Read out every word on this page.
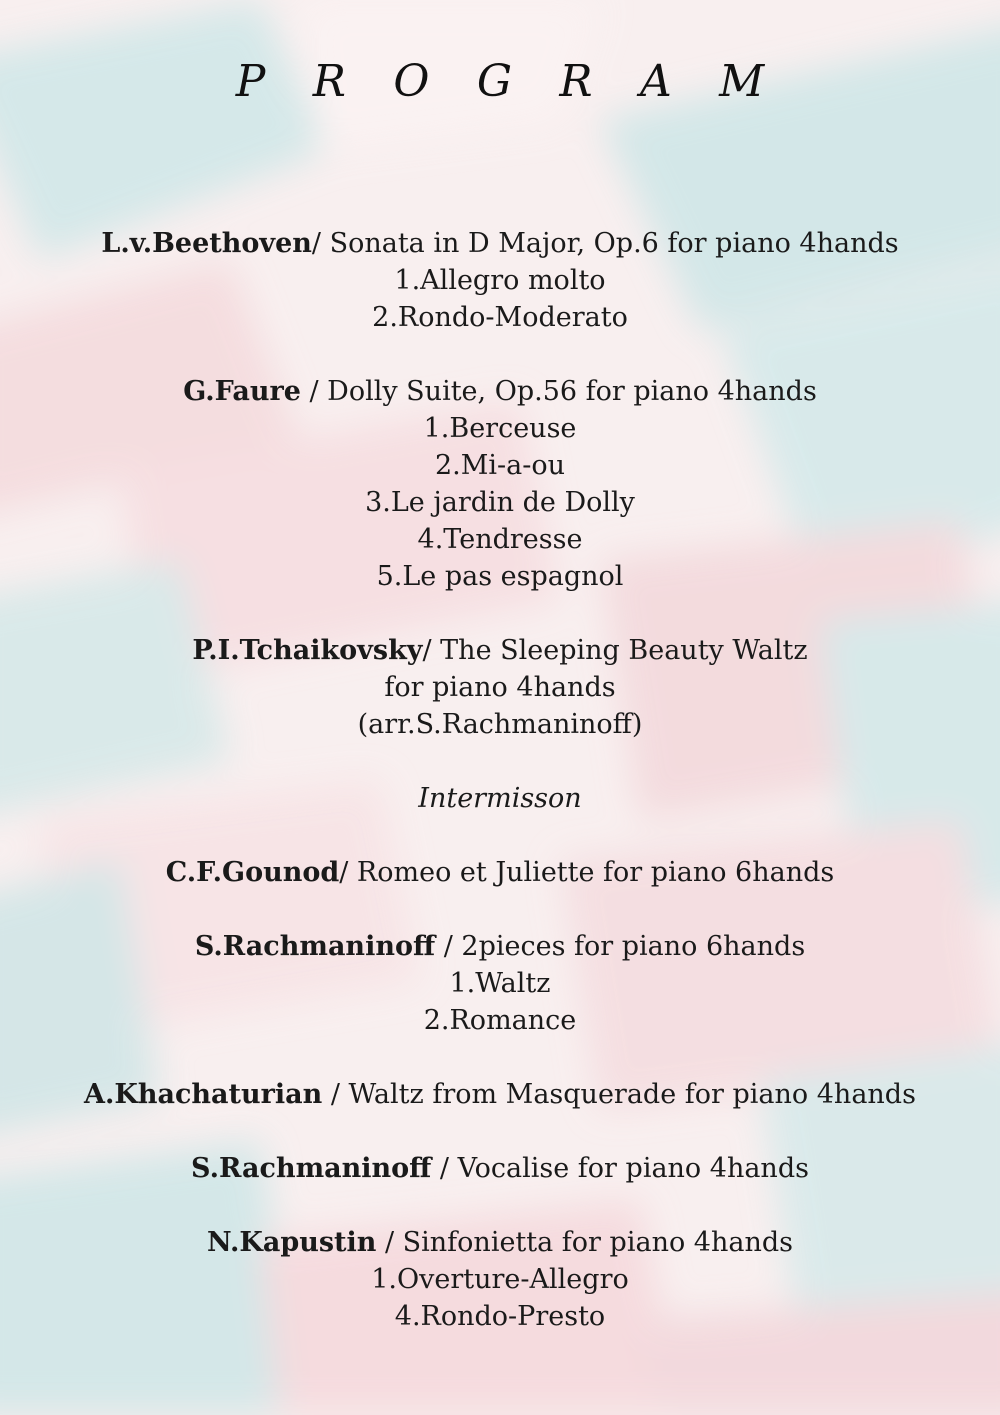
P R O G R A M
L.v.Beethoven/ Sonata in D Major, Op.6 for piano 4hands
1.Allegro molto
2.Rondo-Moderato
G.Faure / Dolly Suite, Op.56 for piano 4hands
1.Berceuse
2.Mi-a-ou
3.Le jardin de Dolly
4.Tendresse
5.Le pas espagnol
P.I.Tchaikovsky/ The Sleeping Beauty Waltz
for piano 4hands
(arr.S.Rachmaninoff)
Intermisson
C.F.Gounod/ Romeo et Juliette for piano 6hands
S.Rachmaninoff / 2pieces for piano 6hands
1.Waltz
2.Romance
A.Khachaturian / Waltz from Masquerade for piano 4hands
S.Rachmaninoff / Vocalise for piano 4hands
N.Kapustin / Sinfonietta for piano 4hands
1.Overture-Allegro
4.Rondo-Presto
